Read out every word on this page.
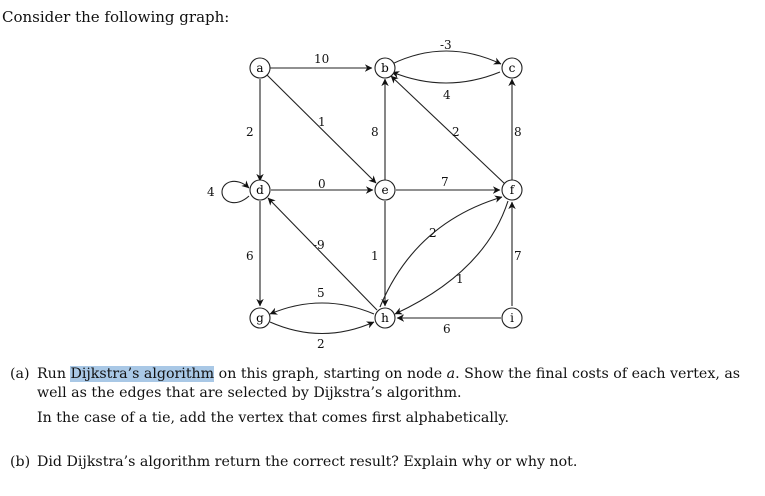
Consider the following graph:
10
2
1
-3
4
8
2
8
4
0	7
6
-9
1
2
1
7
5
2
6
a	b	c
d	e	f
g	h	i
(a) Run Dijkstra’s algorithm on this graph, starting on node a. Show the final costs of each vertex, as well as the edges that are selected by Dijkstra’s algorithm.
In the case of a tie, add the vertex that comes first alphabetically.
(b) Did Dijkstra’s algorithm return the correct result? Explain why or why not.
